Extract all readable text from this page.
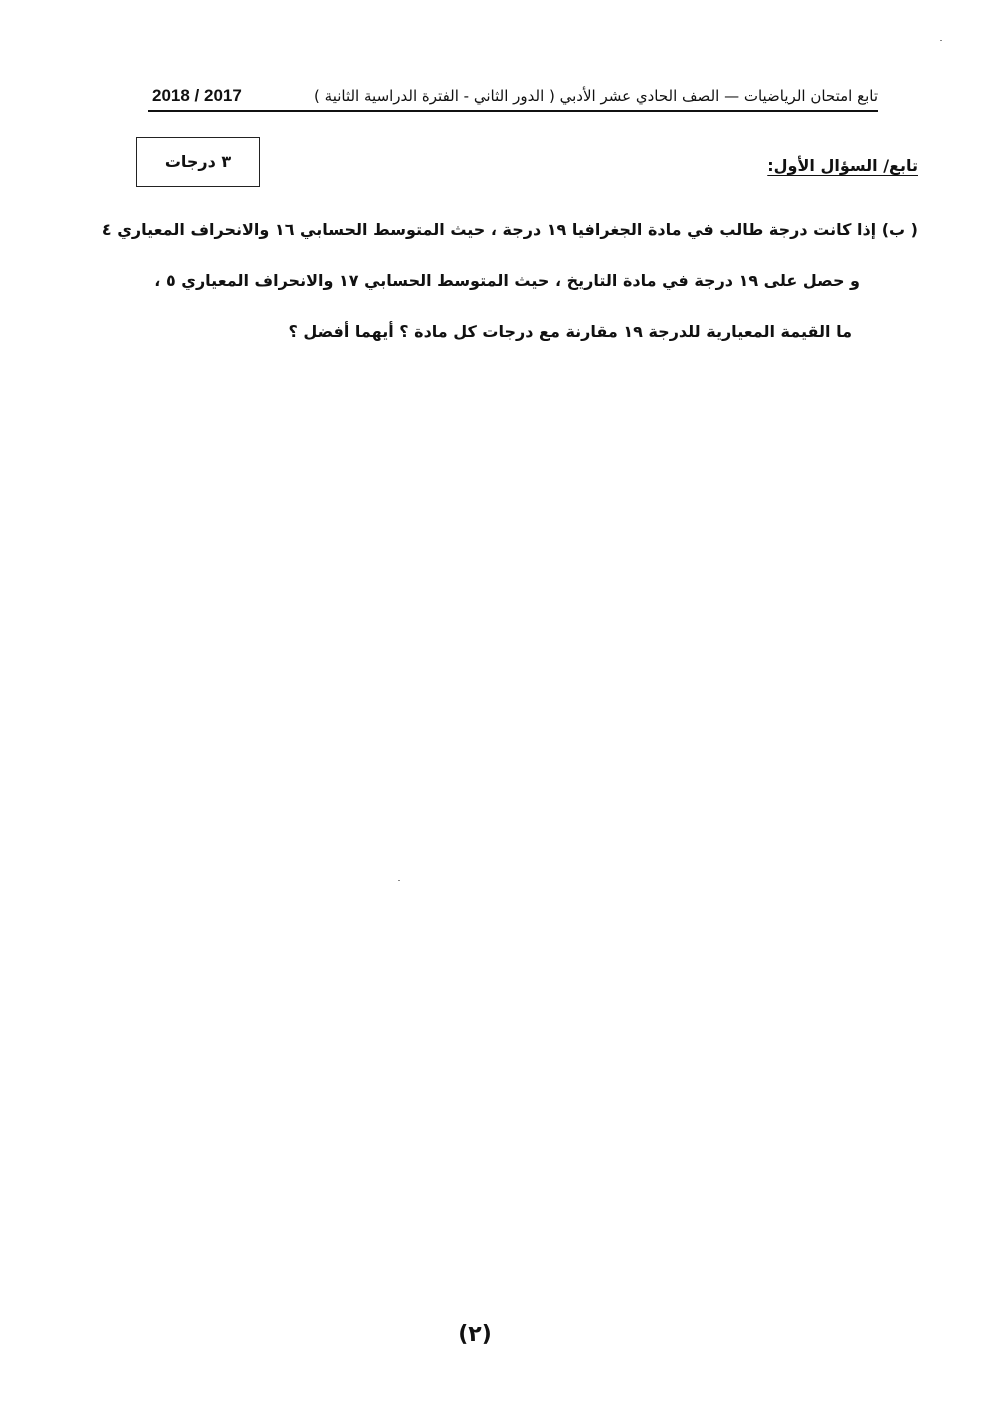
تابع امتحان الرياضيات — الصف الحادي عشر الأدبي ( الدور الثاني - الفترة الدراسية الثانية )
2018 / 2017
٣ درجات	تابع/ السؤال الأول:
( ب) إذا كانت درجة طالب في مادة الجغرافيا ١٩ درجة ، حيث المتوسط الحسابي ١٦ والانحراف المعياري ٤
و حصل على ١٩ درجة في مادة التاريخ ، حيث المتوسط الحسابي ١٧ والانحراف المعياري ٥ ،
ما القيمة المعيارية للدرجة ١٩ مقارنة مع درجات كل مادة ؟ أيهما أفضل ؟
(٢)
